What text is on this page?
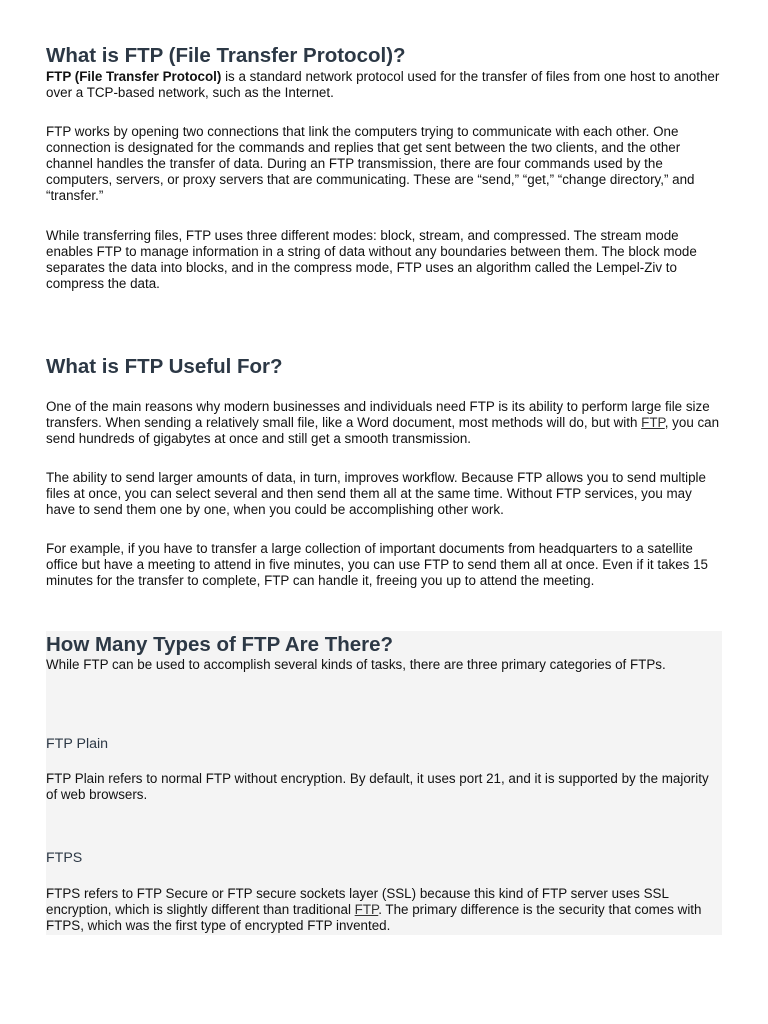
What is FTP (File Transfer Protocol)?

FTP (File Transfer Protocol) is a standard network protocol used for the transfer of files from one host to another over a TCP-based network, such as the Internet.

FTP works by opening two connections that link the computers trying to communicate with each other. One connection is designated for the commands and replies that get sent between the two clients, and the other channel handles the transfer of data. During an FTP transmission, there are four commands used by the computers, servers, or proxy servers that are communicating. These are “send,” “get,” “change directory,” and “transfer.”

While transferring files, FTP uses three different modes: block, stream, and compressed. The stream mode enables FTP to manage information in a string of data without any boundaries between them. The block mode separates the data into blocks, and in the compress mode, FTP uses an algorithm called the Lempel-Ziv to compress the data.

What is FTP Useful For?

One of the main reasons why modern businesses and individuals need FTP is its ability to perform large file size transfers. When sending a relatively small file, like a Word document, most methods will do, but with FTP, you can send hundreds of gigabytes at once and still get a smooth transmission.

The ability to send larger amounts of data, in turn, improves workflow. Because FTP allows you to send multiple files at once, you can select several and then send them all at the same time. Without FTP services, you may have to send them one by one, when you could be accomplishing other work.

For example, if you have to transfer a large collection of important documents from headquarters to a satellite office but have a meeting to attend in five minutes, you can use FTP to send them all at once. Even if it takes 15 minutes for the transfer to complete, FTP can handle it, freeing you up to attend the meeting.

How Many Types of FTP Are There?

While FTP can be used to accomplish several kinds of tasks, there are three primary categories of FTPs.

FTP Plain

FTP Plain refers to normal FTP without encryption. By default, it uses port 21, and it is supported by the majority of web browsers.

FTPS

FTPS refers to FTP Secure or FTP secure sockets layer (SSL) because this kind of FTP server uses SSL encryption, which is slightly different than traditional FTP. The primary difference is the security that comes with FTPS, which was the first type of encrypted FTP invented.
